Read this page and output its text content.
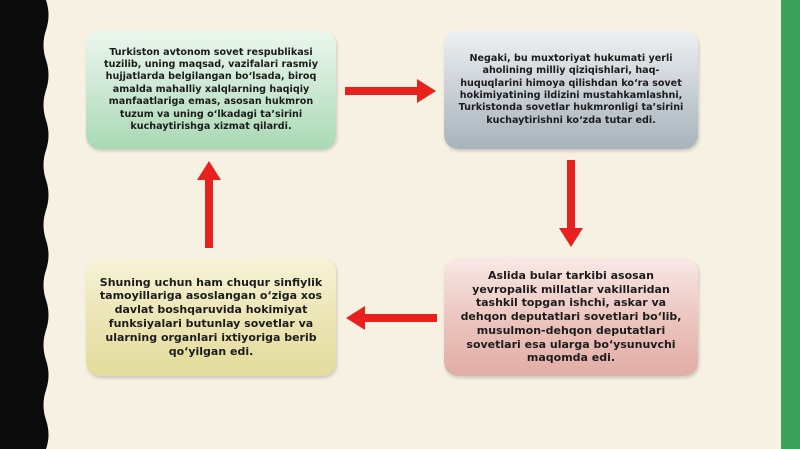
Turkiston avtonom sovet respublikasi tuzilib, uning maqsad, vazifalari rasmiy hujjatlarda belgilangan bo‘lsada, biroq amalda mahalliy xalqlarning haqiqiy manfaatlariga emas, asosan hukmron tuzum va uning o‘lkadagi ta’sirini kuchaytirishga xizmat qilardi.
Negaki, bu muxtoriyat hukumati yerli aholining milliy qiziqishlari, haq-huquqlarini himoya qilishdan ko‘ra sovet hokimiyatining ildizini mustahkamlashni, Turkistonda sovetlar hukmronligi ta’sirini kuchaytirishni ko‘zda tutar edi.
Aslida bular tarkibi asosan yevropalik millatlar vakillaridan tashkil topgan ishchi, askar va dehqon deputatlari sovetlari bo‘lib, musulmon-dehqon deputatlari sovetlari esa ularga bo‘ysunuvchi maqomda edi.
Shuning uchun ham chuqur sinfiylik tamoyillariga asoslangan o‘ziga xos davlat boshqaruvida hokimiyat funksiyalari butunlay sovetlar va ularning organlari ixtiyoriga berib qo‘yilgan edi.
